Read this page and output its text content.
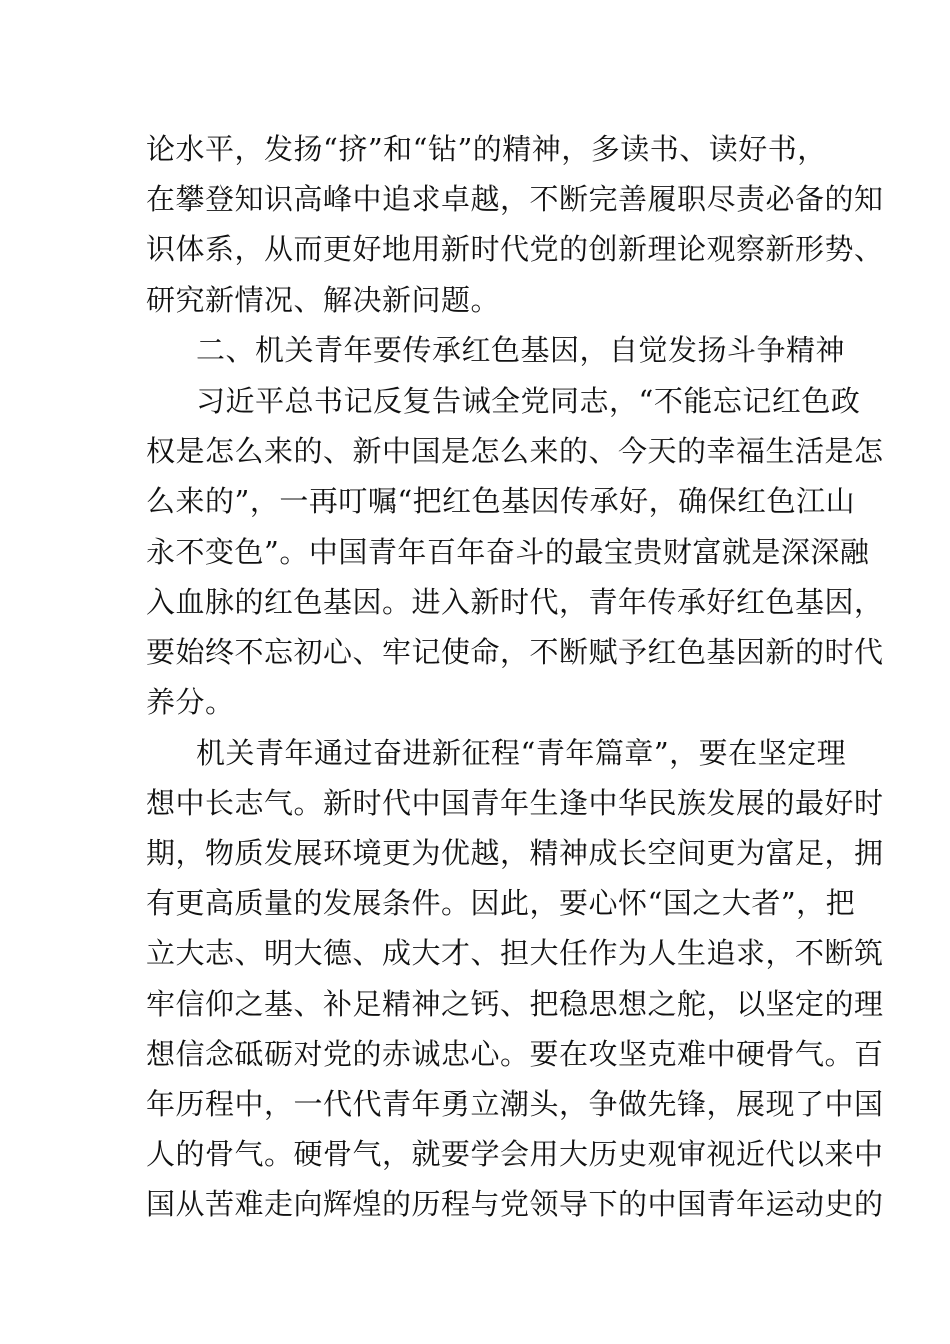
论水平，发扬“挤”和“钻”的精神，多读书、读好书，
在攀登知识高峰中追求卓越，不断完善履职尽责必备的知
识体系，从而更好地用新时代党的创新理论观察新形势、
研究新情况、解决新问题。
二、机关青年要传承红色基因，自觉发扬斗争精神
习近平总书记反复告诫全党同志，“不能忘记红色政
权是怎么来的、新中国是怎么来的、今天的幸福生活是怎
么来的”，一再叮嘱“把红色基因传承好，确保红色江山
永不变色”。中国青年百年奋斗的最宝贵财富就是深深融
入血脉的红色基因。进入新时代，青年传承好红色基因，
要始终不忘初心、牢记使命，不断赋予红色基因新的时代
养分。
机关青年通过奋进新征程“青年篇章”，要在坚定理
想中长志气。新时代中国青年生逢中华民族发展的最好时
期，物质发展环境更为优越，精神成长空间更为富足，拥
有更高质量的发展条件。因此，要心怀“国之大者”，把
立大志、明大德、成大才、担大任作为人生追求，不断筑
牢信仰之基、补足精神之钙、把稳思想之舵，以坚定的理
想信念砥砺对党的赤诚忠心。要在攻坚克难中硬骨气。百
年历程中，一代代青年勇立潮头，争做先锋，展现了中国
人的骨气。硬骨气，就要学会用大历史观审视近代以来中
国从苦难走向辉煌的历程与党领导下的中国青年运动史的
